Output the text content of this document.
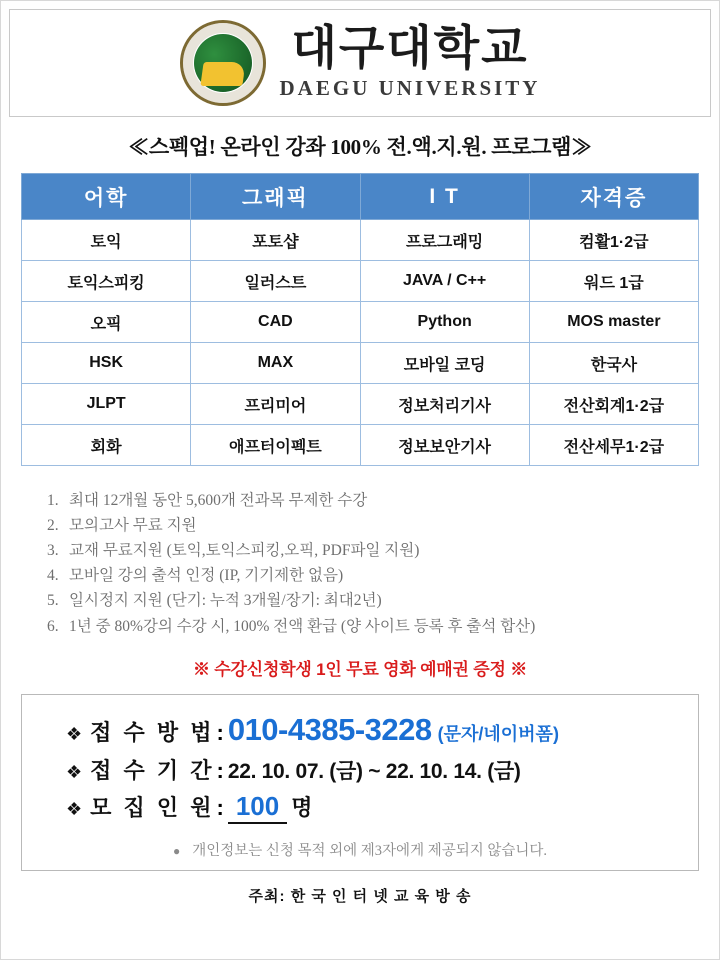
대구대학교
DAEGU UNIVERSITY
≪스펙업! 온라인 강좌 100% 전.액.지.원. 프로그램≫
어학	그래픽	I T	자격증
토익	포토샵	프로그래밍	컴활1·2급
토익스피킹	일러스트	JAVA / C++	워드 1급
오픽	CAD	Python	MOS master
HSK	MAX	모바일 코딩	한국사
JLPT	프리미어	정보처리기사	전산회계1·2급
회화	애프터이펙트	정보보안기사	전산세무1·2급
1. 최대 12개월 동안 5,600개 전과목 무제한 수강
2. 모의고사 무료 지원
3. 교재 무료지원 (토익,토익스피킹,오픽, PDF파일 지원)
4. 모바일 강의 출석 인정 (IP, 기기제한 없음)
5. 일시정지 지원 (단기: 누적 3개월/장기: 최대2년)
6. 1년 중 80%강의 수강 시, 100% 전액 환급 (양 사이트 등록 후 출석 합산)
※ 수강신청학생 1인 무료 영화 예매권 증정 ※
❖ 접 수 방 법 : 010-4385-3228 (문자/네이버폼)
❖ 접 수 기 간 : 22. 10. 07. (금) ~ 22. 10. 14. (금)
❖ 모 집 인 원 : 100 명
● 개인정보는 신청 목적 외에 제3자에게 제공되지 않습니다.
주최: 한 국 인 터 넷 교 육 방 송
